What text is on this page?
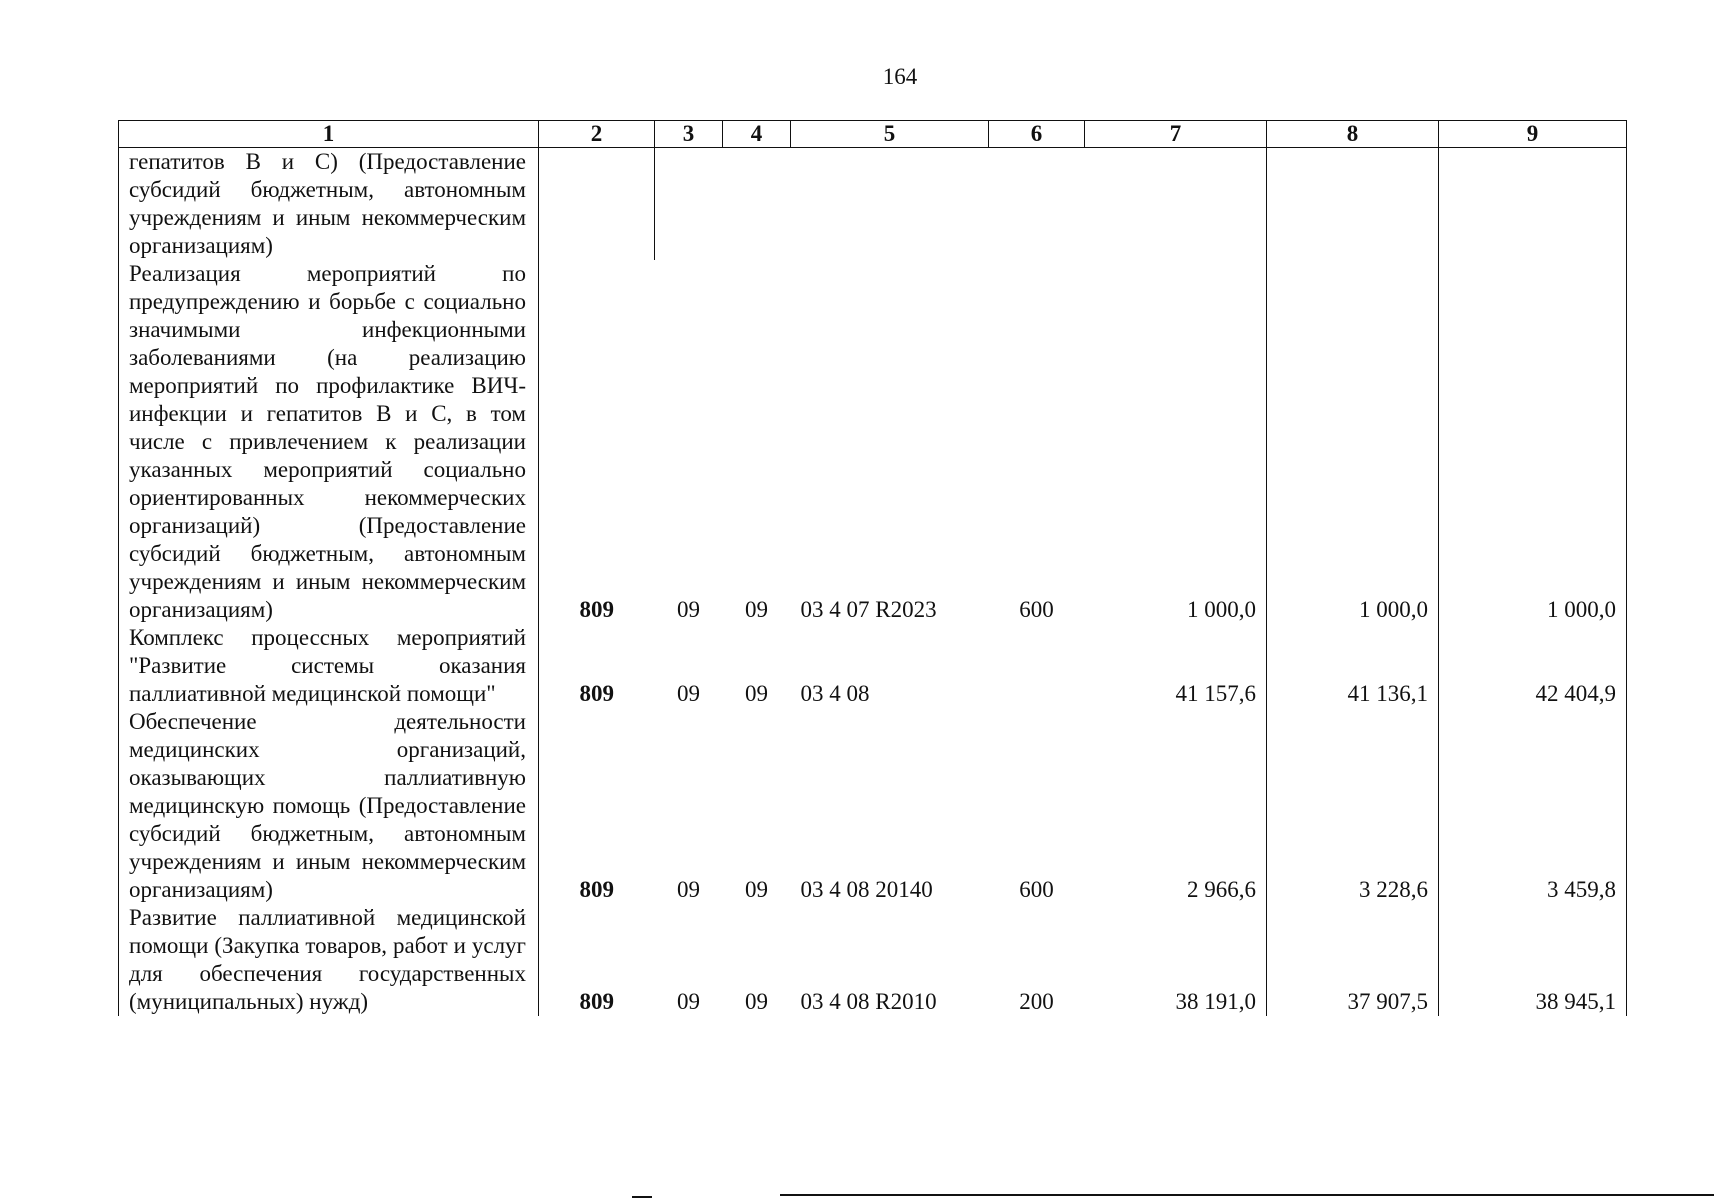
164
1	2	3	4	5	6	7	8	9
гепатитов В и С) (Предоставление субсидий бюджетным, автономным учреждениям и иным некоммерческим организациям)								
Реализация мероприятий по предупреждению и борьбе с социально значимыми инфекционными заболеваниями (на реализацию мероприятий по профилактике ВИЧ-инфекции и гепатитов В и С, в том числе с привлечением к реализации указанных мероприятий социально ориентированных некоммерческих организаций) (Предоставление субсидий бюджетным, автономным учреждениям и иным некоммерческим организациям)	809	09	09	03 4 07 R2023	600	1 000,0	1 000,0	1 000,0
Комплекс процессных мероприятий "Развитие системы оказания паллиативной медицинской помощи"	809	09	09	03 4 08		41 157,6	41 136,1	42 404,9
Обеспечение деятельности медицинских организаций, оказывающих паллиативную медицинскую помощь (Предоставление субсидий бюджетным, автономным учреждениям и иным некоммерческим организациям)	809	09	09	03 4 08 20140	600	2 966,6	3 228,6	3 459,8
Развитие паллиативной медицинской помощи (Закупка товаров, работ и услуг для обеспечения государственных (муниципальных) нужд)	809	09	09	03 4 08 R2010	200	38 191,0	37 907,5	38 945,1
